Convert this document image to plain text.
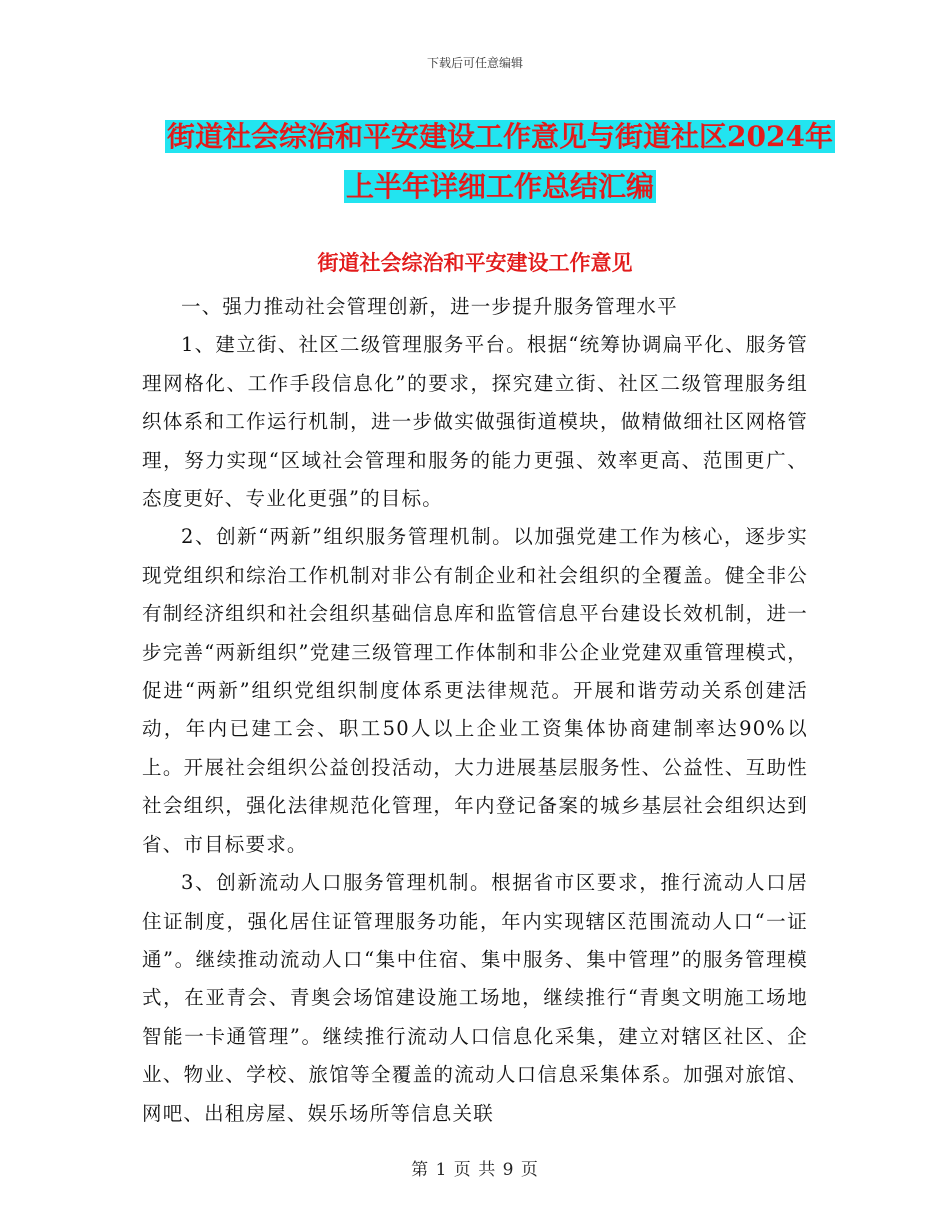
下载后可任意编辑
街道社会综治和平安建设工作意见与街道社区2024年
上半年详细工作总结汇编
街道社会综治和平安建设工作意见

一、强力推动社会管理创新，进一步提升服务管理水平

1、建立街、社区二级管理服务平台。根据“统筹协调扁平化、服务管理网格化、工作手段信息化”的要求，探究建立街、社区二级管理服务组织体系和工作运行机制，进一步做实做强街道模块，做精做细社区网格管理，努力实现“区域社会管理和服务的能力更强、效率更高、范围更广、态度更好、专业化更强”的目标。

2、创新“两新”组织服务管理机制。以加强党建工作为核心，逐步实现党组织和综治工作机制对非公有制企业和社会组织的全覆盖。健全非公有制经济组织和社会组织基础信息库和监管信息平台建设长效机制，进一步完善“两新组织”党建三级管理工作体制和非公企业党建双重管理模式，促进“两新”组织党组织制度体系更法律规范。开展和谐劳动关系创建活动，年内已建工会、职工50人以上企业工资集体协商建制率达90%以上。开展社会组织公益创投活动，大力进展基层服务性、公益性、互助性社会组织，强化法律规范化管理，年内登记备案的城乡基层社会组织达到省、市目标要求。

3、创新流动人口服务管理机制。根据省市区要求，推行流动人口居住证制度，强化居住证管理服务功能，年内实现辖区范围流动人口“一证通”。继续推动流动人口“集中住宿、集中服务、集中管理”的服务管理模式，在亚青会、青奥会场馆建设施工场地，继续推行“青奥文明施工场地智能一卡通管理”。继续推行流动人口信息化采集，建立对辖区社区、企业、物业、学校、旅馆等全覆盖的流动人口信息采集体系。加强对旅馆、网吧、出租房屋、娱乐场所等信息关联

第 1 页 共 9 页
